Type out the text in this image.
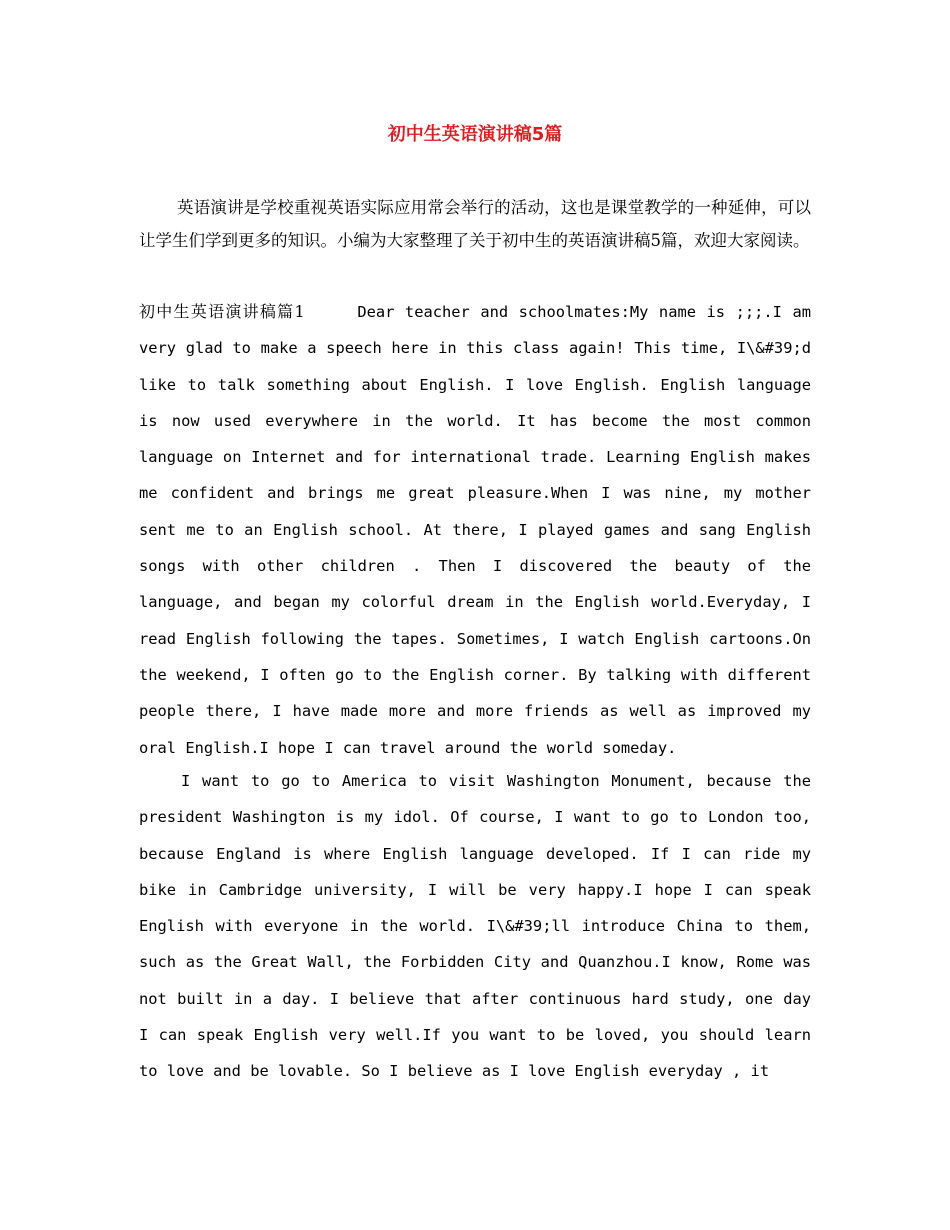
初中生英语演讲稿5篇

英语演讲是学校重视英语实际应用常会举行的活动，这也是课堂教学的一种延伸，可以让学生们学到更多的知识。小编为大家整理了关于初中生的英语演讲稿5篇，欢迎大家阅读。

初中生英语演讲稿篇1	Dear teacher and schoolmates:My name is ;;;.I am very glad to make a speech here in this class again! This time, I\&#39;d like to talk something about English. I love English. English language is now used everywhere in the world. It has become the most common language on Internet and for international trade. Learning English makes me confident and brings me great pleasure.When I was nine, my mother sent me to an English school. At there, I played games and sang English songs with other children . Then I discovered the beauty of the language, and began my colorful dream in the English world.Everyday, I read English following the tapes. Sometimes, I watch English cartoons.On the weekend, I often go to the English corner. By talking with different people there, I have made more and more friends as well as improved my oral English.I hope I can travel around the world someday.

I want to go to America to visit Washington Monument, because the president Washington is my idol. Of course, I want to go to London too, because England is where English language developed. If I can ride my bike in Cambridge university, I will be very happy.I hope I can speak English with everyone in the world. I\&#39;ll introduce China to them, such as the Great Wall, the Forbidden City and Quanzhou.I know, Rome was not built in a day. I believe that after continuous hard study, one day I can speak English very well.If you want to be loved, you should learn to love and be lovable. So I believe as I love English everyday , it
